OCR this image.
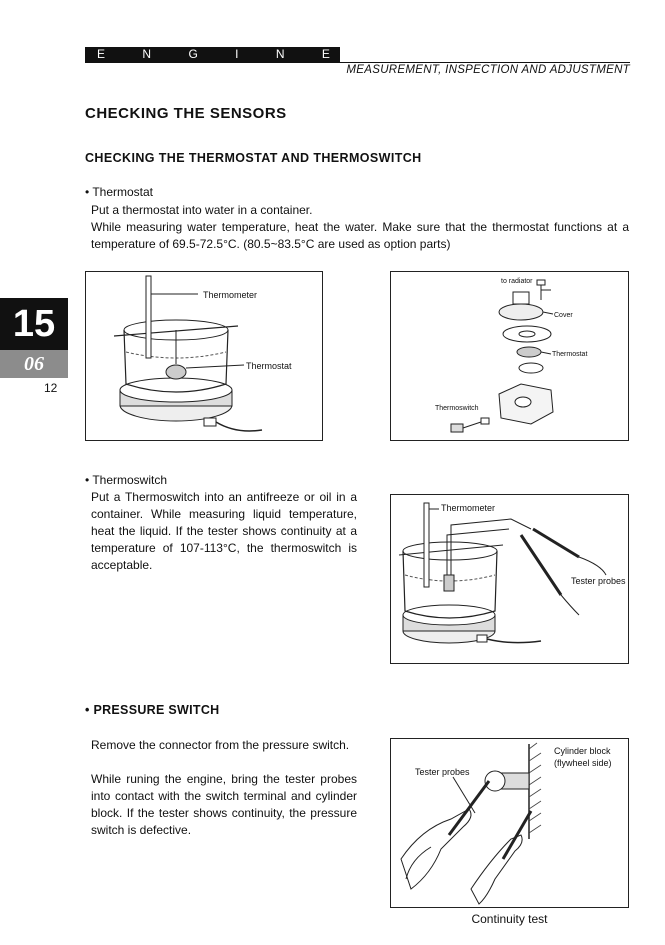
E	N	G	I	N	E
MEASUREMENT, INSPECTION AND ADJUSTMENT
15
06
12
CHECKING THE SENSORS
CHECKING THE THERMOSTAT AND THERMOSWITCH
• Thermostat
Put a thermostat into water in a container.
While measuring water temperature, heat the water. Make sure that the thermostat functions at a temperature of 69.5-72.5°C. (80.5~83.5°C are used as option parts)
Thermometer
Thermostat
to radiator
Cover
Thermostat
Thermoswitch
• Thermoswitch
Put a Thermoswitch into an antifreeze or oil in a container. While measuring liquid temperature, heat the liquid. If the tester shows continuity at a temperature of 107-113°C, the thermoswitch is acceptable.
Thermometer
Tester probes
• PRESSURE SWITCH
Remove the connector from the pressure switch.
While runing the engine, bring the tester probes into contact with the switch terminal and cylinder block. If the tester shows continuity, the pressure switch is defective.
Cylinder block
(flywheel side)
Tester probes
Continuity test
